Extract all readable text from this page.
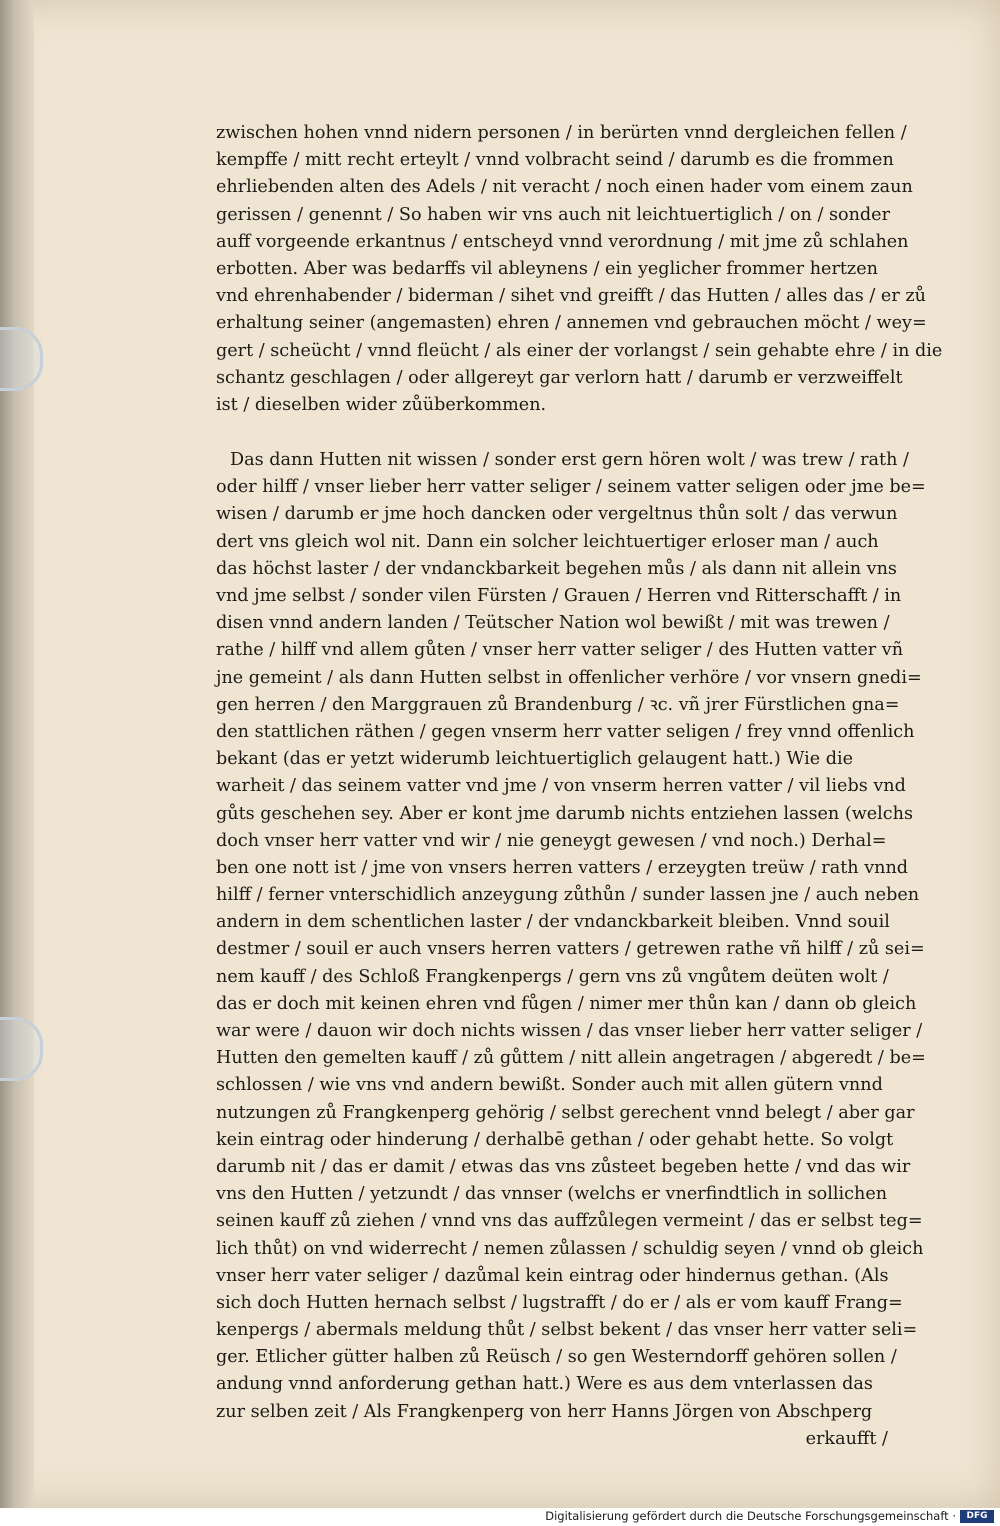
zwischen hohen vnnd nidern personen / in berürten vnnd dergleichen fellen /
kempffe / mitt recht erteylt / vnnd volbracht seind / darumb es die frommen
ehrliebenden alten des Adels / nit veracht / noch einen hader vom einem zaun
gerissen / genennt / So haben wir vns auch nit leichtuertiglich / on / sonder
auff vorgeende erkantnus / entscheyd vnnd verordnung / mit jme zů schlahen
erbotten. Aber was bedarffs vil ableynens / ein yeglicher frommer hertzen
vnd ehrenhabender / biderman / sihet vnd greifft / das Hutten / alles das / er zů
erhaltung seiner (angemasten) ehren / annemen vnd gebrauchen möcht / wey=
gert / scheücht / vnnd fleücht / als einer der vorlangst / sein gehabte ehre / in die
schantz geschlagen / oder allgereyt gar verlorn hatt / darumb er verzweiffelt
ist / dieselben wider zůüberkommen.
Das dann Hutten nit wissen / sonder erst gern hören wolt / was trew / rath /
oder hilff / vnser lieber herr vatter seliger / seinem vatter seligen oder jme be=
wisen / darumb er jme hoch dancken oder vergeltnus thůn solt / das verwun
dert vns gleich wol nit. Dann ein solcher leichtuertiger erloser man / auch
das höchst laster / der vndanckbarkeit begehen můs / als dann nit allein vns
vnd jme selbst / sonder vilen Fürsten / Grauen / Herren vnd Ritterschafft / in
disen vnnd andern landen / Teütscher Nation wol bewißt / mit was trewen /
rathe / hilff vnd allem gůten / vnser herr vatter seliger / des Hutten vatter vñ
jne gemeint / als dann Hutten selbst in offenlicher verhöre / vor vnsern gnedi=
gen herren / den Marggrauen zů Brandenburg / ꝛc. vñ jrer Fürstlichen gna=
den stattlichen räthen / gegen vnserm herr vatter seligen / frey vnnd offenlich
bekant (das er yetzt widerumb leichtuertiglich gelaugent hatt.) Wie die
warheit / das seinem vatter vnd jme / von vnserm herren vatter / vil liebs vnd
gůts geschehen sey. Aber er kont jme darumb nichts entziehen lassen (welchs
doch vnser herr vatter vnd wir / nie geneygt gewesen / vnd noch.) Derhal=
ben one nott ist / jme von vnsers herren vatters / erzeygten treüw / rath vnnd
hilff / ferner vnterschidlich anzeygung zůthůn / sunder lassen jne / auch neben
andern in dem schentlichen laster / der vndanckbarkeit bleiben. Vnnd souil
destmer / souil er auch vnsers herren vatters / getrewen rathe vñ hilff / zů sei=
nem kauff / des Schloß Frangkenpergs / gern vns zů vngůtem deüten wolt /
das er doch mit keinen ehren vnd fůgen / nimer mer thůn kan / dann ob gleich
war were / dauon wir doch nichts wissen / das vnser lieber herr vatter seliger /
Hutten den gemelten kauff / zů gůttem / nitt allein angetragen / abgeredt / be=
schlossen / wie vns vnd andern bewißt. Sonder auch mit allen gütern vnnd
nutzungen zů Frangkenperg gehörig / selbst gerechent vnnd belegt / aber gar
kein eintrag oder hinderung / derhalbē gethan / oder gehabt hette. So volgt
darumb nit / das er damit / etwas das vns zůsteet begeben hette / vnd das wir
vns den Hutten / yetzundt / das vnnser (welchs er vnerfindtlich in sollichen
seinen kauff zů ziehen / vnnd vns das auffzůlegen vermeint / das er selbst teg=
lich thůt) on vnd widerrecht / nemen zůlassen / schuldig seyen / vnnd ob gleich
vnser herr vater seliger / dazůmal kein eintrag oder hindernus gethan. (Als
sich doch Hutten hernach selbst / lugstrafft / do er / als er vom kauff Frang=
kenpergs / abermals meldung thůt / selbst bekent / das vnser herr vatter seli=
ger. Etlicher gütter halben zů Reüsch / so gen Westerndorff gehören sollen /
andung vnnd anforderung gethan hatt.) Were es aus dem vnterlassen das
zur selben zeit / Als Frangkenperg von herr Hanns Jörgen von Abschperg
erkaufft /
Digitalisierung gefördert durch die Deutsche Forschungsgemeinschaft ·	DFG
